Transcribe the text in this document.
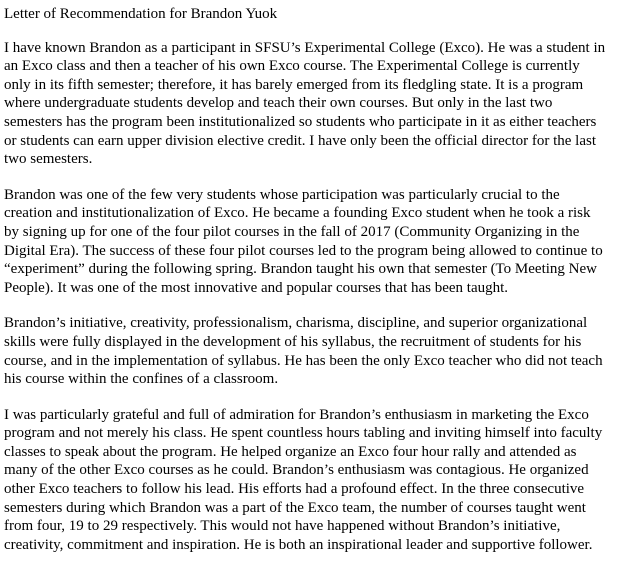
Letter of Recommendation for Brandon Yuok
I have known Brandon as a participant in SFSU’s Experimental College (Exco). He was a student in
an Exco class and then a teacher of his own Exco course. The Experimental College is currently
only in its fifth semester; therefore, it has barely emerged from its fledgling state. It is a program
where undergraduate students develop and teach their own courses. But only in the last two
semesters has the program been institutionalized so students who participate in it as either teachers
or students can earn upper division elective credit. I have only been the official director for the last
two semesters.
Brandon was one of the few very students whose participation was particularly crucial to the
creation and institutionalization of Exco. He became a founding Exco student when he took a risk
by signing up for one of the four pilot courses in the fall of 2017 (Community Organizing in the
Digital Era). The success of these four pilot courses led to the program being allowed to continue to
“experiment” during the following spring. Brandon taught his own that semester (To Meeting New
People). It was one of the most innovative and popular courses that has been taught.
Brandon’s initiative, creativity, professionalism, charisma, discipline, and superior organizational
skills were fully displayed in the development of his syllabus, the recruitment of students for his
course, and in the implementation of syllabus. He has been the only Exco teacher who did not teach
his course within the confines of a classroom.
I was particularly grateful and full of admiration for Brandon’s enthusiasm in marketing the Exco
program and not merely his class. He spent countless hours tabling and inviting himself into faculty
classes to speak about the program. He helped organize an Exco four hour rally and attended as
many of the other Exco courses as he could. Brandon’s enthusiasm was contagious. He organized
other Exco teachers to follow his lead. His efforts had a profound effect. In the three consecutive
semesters during which Brandon was a part of the Exco team, the number of courses taught went
from four, 19 to 29 respectively. This would not have happened without Brandon’s initiative,
creativity, commitment and inspiration. He is both an inspirational leader and supportive follower.
